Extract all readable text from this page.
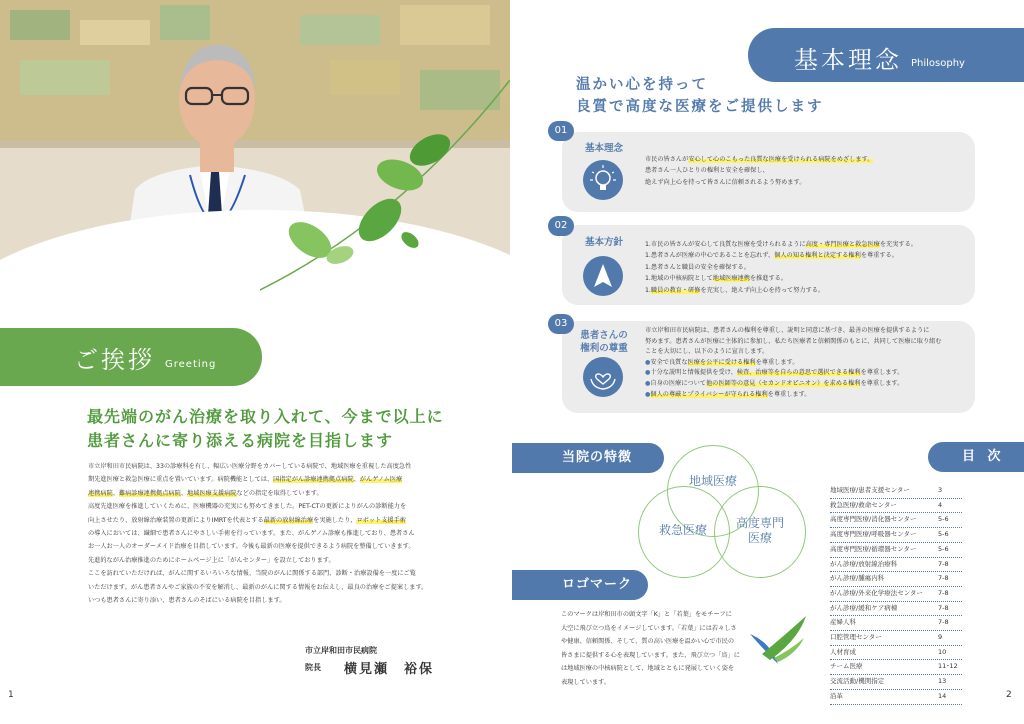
ご挨拶 Greeting
最先端のがん治療を取り入れて、今まで以上に
患者さんに寄り添える病院を目指します
市立岸和田市民病院は、33の診療科を有し、幅広い医療分野をカバーしている病院で、地域医療を重視した高度急性
期先進医療と救急医療に重点を置いています。病院機能としては、国指定がん診療連携拠点病院、がんゲノム医療
連携病院、難病診療連携拠点病院、地域医療支援病院などの指定を取得しています。
高度先進医療を推進していくために、医療機器の充実にも努めてきました。PET-CTの更新によりがんの診断能力を
向上させたり、放射線治療装置の更新によりIMRTを代表とする最新の放射線治療を実施したり、ロボット支援手術
の導入においては、繊細で患者さんにやさしい手術を行っています。また、がんゲノム診療も推進しており、患者さん
お一人お一人のオーダーメイド治療を目指しています。今後も最新の医療を提供できるよう病院を整備していきます。
先進的ながん治療推進のためにホームページ上に「がんセンター」を設立しております。
ここを訪れていただければ、がんに関するいろいろな情報、当院のがんに関係する部門、診断・治療設備を一度にご覧
いただけます。がん患者さんやご家族の不安を解消し、最新のがんに関する情報をお伝えし、最良の治療をご提案します。
いつも患者さんに寄り添い、患者さんのそばにいる病院を目指します。
市立岸和田市民病院
院長 横見瀬　裕保
1
基本理念 Philosophy
温かい心を持って
良質で高度な医療をご提供します
01
基本理念
市民の皆さんが安心して心のこもった良質な医療を受けられる病院をめざします。
患者さん一人ひとりの権利と安全を確保し、
絶えず向上心を持って皆さんに信頼されるよう努めます。
02
基本方針	1.市民の皆さんが安心して良質な医療を受けられるように高度・専門医療と救急医療を充実する。
1.患者さんが医療の中心であることを忘れず、個人の知る権利と決定する権利を尊重する。
1.患者さんと職員の安全を確保する。
1.地域の中核病院として地域医療連携を推進する。
1.職員の教育・研修を充実し、絶えず向上心を持って努力する。
03
患者さんの
権利の尊重
市立岸和田市民病院は、患者さんの権利を尊重し、説明と同意に基づき、最善の医療を提供するように
努めます。患者さんが医療に主体的に参加し、私たち医療者と信頼関係のもとに、共同して医療に取り組む
ことを大切にし、以下のように宣言します。
●安全で良質な医療を公平に受ける権利を尊重します。
●十分な説明と情報提供を受け、検査、治療等を自らの意思で選択できる権利を尊重します。
●自身の医療について他の医師等の意見（セカンドオピニオン）を求める権利を尊重します。
●個人の尊厳とプライバシーが守られる権利を尊重します。
当院の特徴
地域医療
救急医療	高度専門
医療
ロゴマーク
このマークは岸和田市の頭文字「K」と「若葉」をモチーフに
大空に飛び立つ鳥をイメージしています。「若葉」には若々しさ
や健康、信頼関係、そして、質の高い医療を温かい心で市民の
皆さまに提供する心を表現しています。また、飛び立つ「鳥」に
は地域医療の中核病院として、地域とともに発展していく姿を
表現しています。
目 次
地域医療/患者支援センター	3
救急医療/救命センター	4
高度専門医療/消化器センター	5-6
高度専門医療/呼吸器センター	5-6
高度専門医療/循環器センター	5-6
がん診療/放射線治療科	7-8
がん診療/腫瘍内科	7-8
がん診療/外来化学療法センター 7-8
がん診療/緩和ケア病棟	7-8
産婦人科	7-8
口腔管理センター	9
人材育成	10
チーム医療	11･12
交流活動/機関指定	13
沿革	14	2
